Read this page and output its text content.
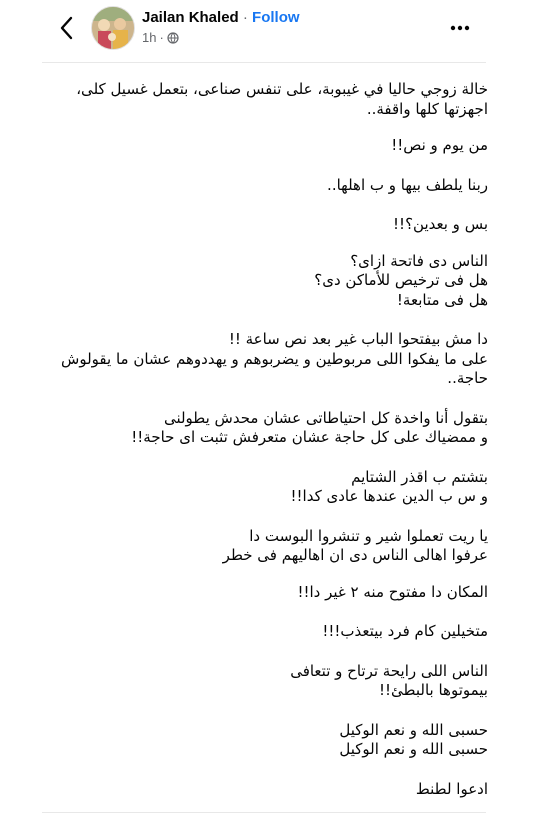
Jailan Khaled · Follow
1h ·

خالة زوجي حاليا في غيبوبة، على تنفس صناعى، بتعمل غسيل كلى،
اجهزتها كلها واقفة..

من يوم و نص!!

ربنا يلطف بيها و ب اهلها..

بس و بعدين؟!!

الناس دى فاتحة ازاى؟
هل فى ترخيص للأماكن دى؟
هل فى متابعة!

دا مش بيفتحوا الباب غير بعد نص ساعة !!
على ما يفكوا اللى مربوطين و يضربوهم و يهددوهم عشان ما يقولوش
حاجة..

بتقول أنا واخدة كل احتياطاتى عشان محدش يطولنى
و ممضياك على كل حاجة عشان متعرفش تثبت اى حاجة!!

بتشتم ب اقذر الشتايم
و س ب الدين عندها عادى كدا!!

يا ريت تعملوا شير و تنشروا البوست دا
عرفوا اهالى الناس دى ان اهاليهم فى خطر

المكان دا مفتوح منه ٢ غير دا!!

متخيلين كام فرد بيتعذب!!!

الناس اللى رايحة ترتاح و تتعافى
بيموتوها بالبطئ!!

حسبى الله و نعم الوكيل
حسبى الله و نعم الوكيل

ادعوا لطنط
